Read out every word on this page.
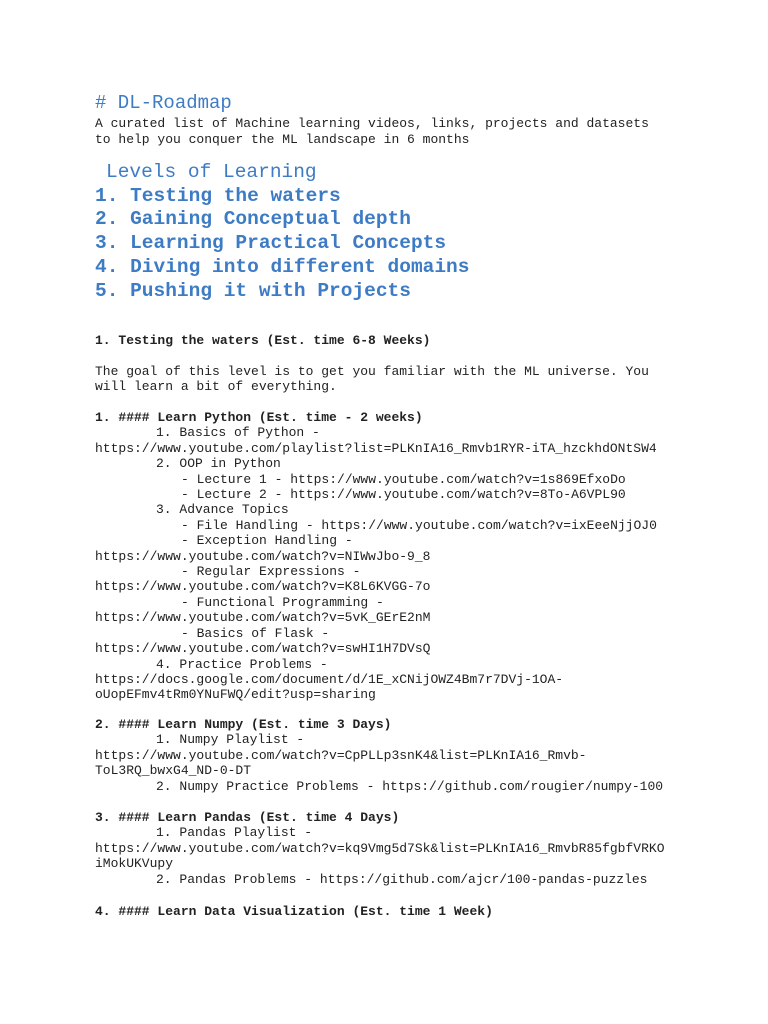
# DL-Roadmap
A curated list of Machine learning videos, links, projects and datasets
to help you conquer the ML landscape in 6 months
Levels of Learning
1. Testing the waters
2. Gaining Conceptual depth
3. Learning Practical Concepts
4. Diving into different domains
5. Pushing it with Projects
1. Testing the waters (Est. time 6-8 Weeks)
The goal of this level is to get you familiar with the ML universe. You
will learn a bit of everything.
1. #### Learn Python (Est. time - 2 weeks)
1. Basics of Python -
https://www.youtube.com/playlist?list=PLKnIA16_Rmvb1RYR-iTA_hzckhdONtSW4
2. OOP in Python
- Lecture 1 - https://www.youtube.com/watch?v=1s869EfxoDo
- Lecture 2 - https://www.youtube.com/watch?v=8To-A6VPL90
3. Advance Topics
- File Handling - https://www.youtube.com/watch?v=ixEeeNjjOJ0
- Exception Handling -
https://www.youtube.com/watch?v=NIWwJbo-9_8
- Regular Expressions -
https://www.youtube.com/watch?v=K8L6KVGG-7o
- Functional Programming -
https://www.youtube.com/watch?v=5vK_GErE2nM
- Basics of Flask -
https://www.youtube.com/watch?v=swHI1H7DVsQ
4. Practice Problems -
https://docs.google.com/document/d/1E_xCNijOWZ4Bm7r7DVj-1OA-
oUopEFmv4tRm0YNuFWQ/edit?usp=sharing
2. #### Learn Numpy (Est. time 3 Days)
1. Numpy Playlist -
https://www.youtube.com/watch?v=CpPLLp3snK4&list=PLKnIA16_Rmvb-
ToL3RQ_bwxG4_ND-0-DT
2. Numpy Practice Problems - https://github.com/rougier/numpy-100
3. #### Learn Pandas (Est. time 4 Days)
1. Pandas Playlist -
https://www.youtube.com/watch?v=kq9Vmg5d7Sk&list=PLKnIA16_RmvbR85fgbfVRKO
iMokUKVupy
2. Pandas Problems - https://github.com/ajcr/100-pandas-puzzles
4. #### Learn Data Visualization (Est. time 1 Week)
